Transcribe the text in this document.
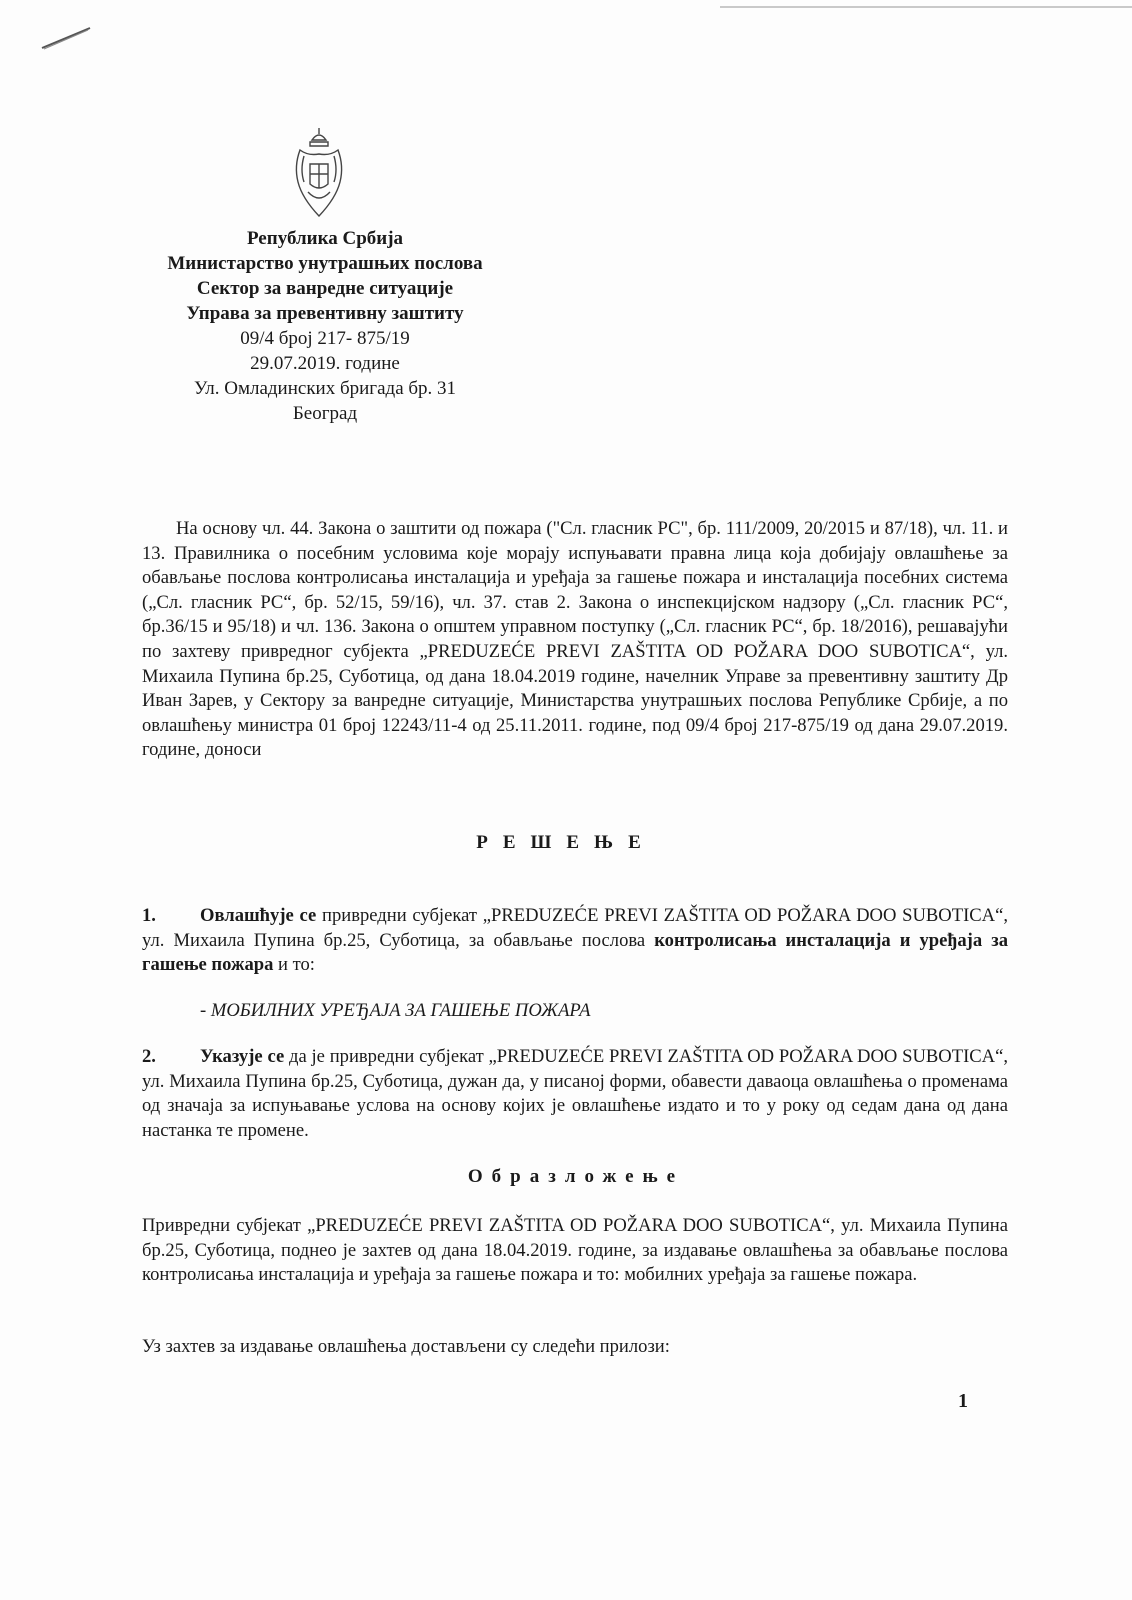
Република Србија
Министарство унутрашњих послова
Сектор за ванредне ситуације
Управа за превентивну заштиту
09/4 број 217- 875/19
29.07.2019. године
Ул. Омладинских бригада бр. 31
Београд
На основу чл. 44. Закона о заштити од пожара ("Сл. гласник РС", бр. 111/2009, 20/2015 и 87/18), чл. 11. и 13. Правилника о посебним условима које морају испуњавати правна лица која добијају овлашћење за обављање послова контролисања инсталација и уређаја за гашење пожара и инсталација посебних система („Сл. гласник РС“, бр. 52/15, 59/16), чл. 37. став 2. Закона о инспекцијском надзору („Сл. гласник РС“, бр.36/15 и 95/18) и чл. 136. Закона о општем управном поступку („Сл. гласник РС“, бр. 18/2016), решавајући по захтеву привредног субјекта „PREDUZEĆE PREVI ZAŠTITA OD POŽARA DOO SUBOTICA“, ул. Михаила Пупина бр.25, Суботица, од дана 18.04.2019 године, начелник Управе за превентивну заштиту Др Иван Зарев, у Сектору за ванредне ситуације, Министарства унутрашњих послова Републике Србије, а по овлашћењу министра 01 број 12243/11-4 од 25.11.2011. године, под 09/4 број 217-875/19 од дана 29.07.2019. године, доноси
РЕШЕЊЕ
1. Овлашћује се привредни субјекат „PREDUZEĆE PREVI ZAŠTITA OD POŽARA DOO SUBOTICA“, ул. Михаила Пупина бр.25, Суботица, за обављање послова контролисања инсталација и уређаја за гашење пожара и то:
- МОБИЛНИХ УРЕЂАЈА ЗА ГАШЕЊЕ ПОЖАРА
2. Указује се да је привредни субјекат „PREDUZEĆE PREVI ZAŠTITA OD POŽARA DOO SUBOTICA“, ул. Михаила Пупина бр.25, Суботица, дужан да, у писаној форми, обавести даваоца овлашћења о променама од значаја за испуњавање услова на основу којих је овлашћење издато и то у року од седам дана од дана настанка те промене.
Образложење
Привредни субјекат „PREDUZEĆE PREVI ZAŠTITA OD POŽARA DOO SUBOTICA“, ул. Михаила Пупина бр.25, Суботица, поднео је захтев од дана 18.04.2019. године, за издавање овлашћења за обављање послова контролисања инсталација и уређаја за гашење пожара и то: мобилних уређаја за гашење пожара.
Уз захтев за издавање овлашћења достављени су следећи прилози:
1
